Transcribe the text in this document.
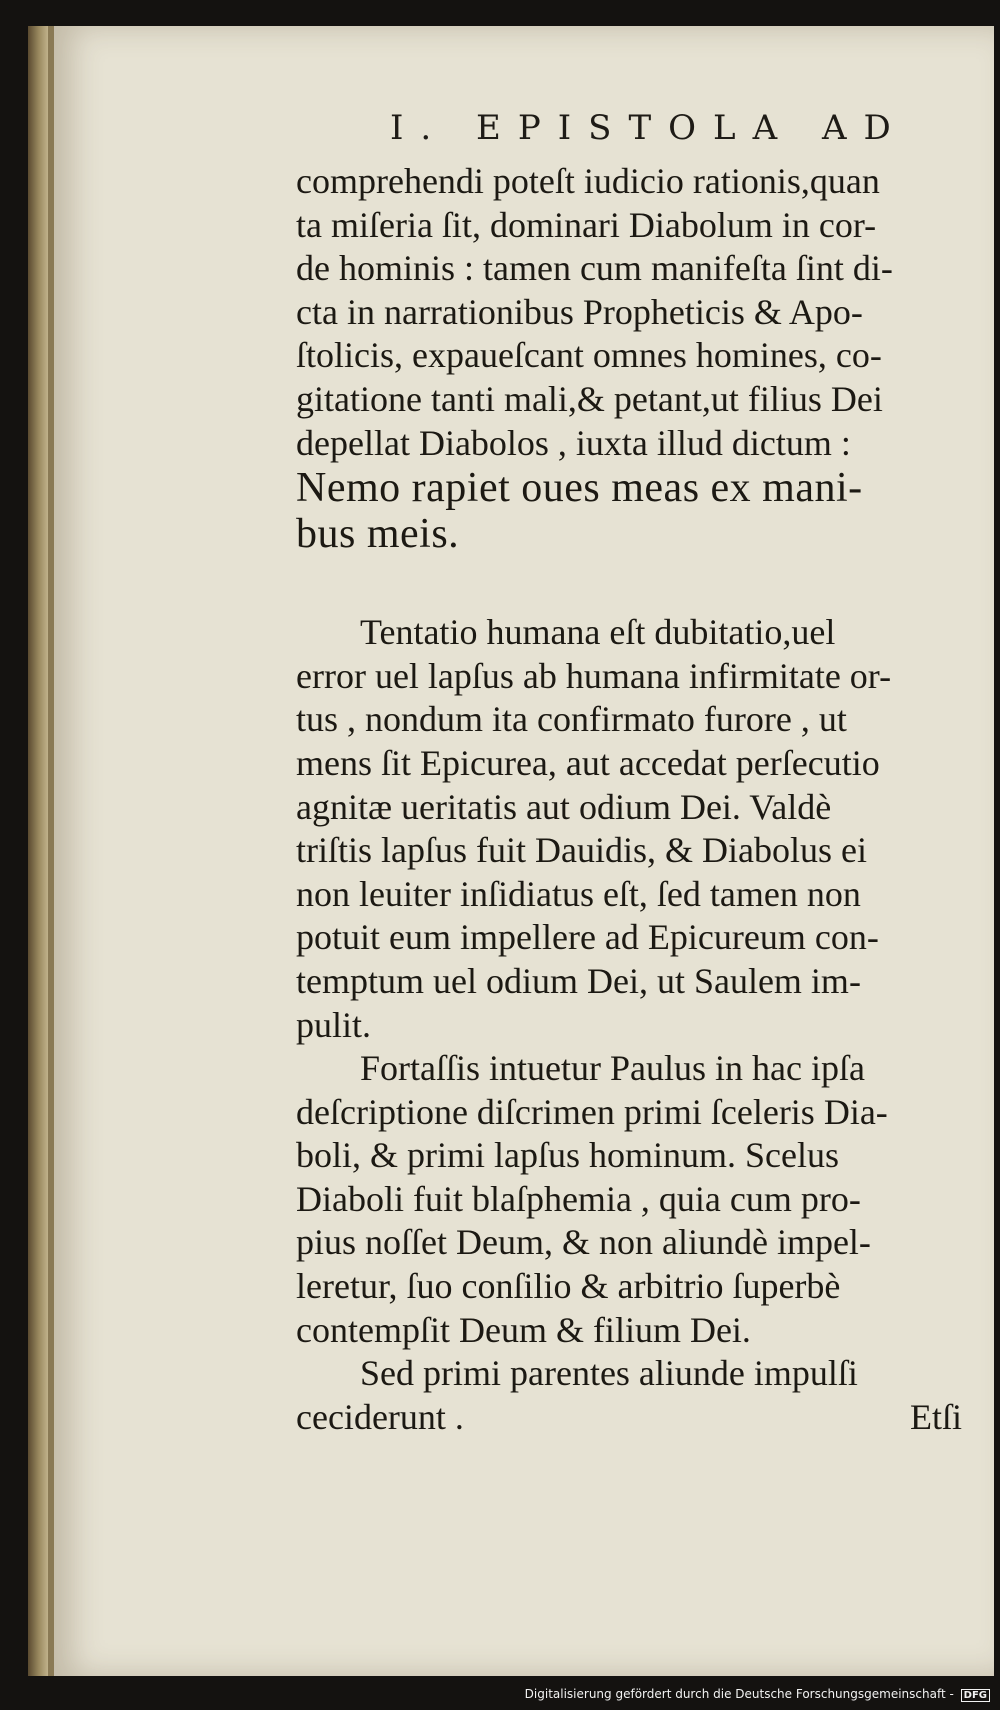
I. EPISTOLA AD
comprehendi poteſt iudicio rationis,quan
ta miſeria ſit, dominari Diabolum in cor-
de hominis : tamen cum manifeſta ſint di-
cta in narrationibus Propheticis & Apo-
ſtolicis, expaueſcant omnes homines, co-
gitatione tanti mali,& petant,ut filius Dei
depellat Diabolos , iuxta illud dictum :
Nemo rapiet oues meas ex mani-
bus meis.
Tentatio humana eſt dubitatio,uel
error uel lapſus ab humana infirmitate or-
tus , nondum ita confirmato furore , ut
mens ſit Epicurea, aut accedat perſecutio
agnitæ ueritatis aut odium Dei. Valdè
triſtis lapſus fuit Dauidis, & Diabolus ei
non leuiter inſidiatus eſt, ſed tamen non
potuit eum impellere ad Epicureum con-
temptum uel odium Dei, ut Saulem im-
pulit.
Fortaſſis intuetur Paulus in hac ipſa
deſcriptione diſcrimen primi ſceleris Dia-
boli, & primi lapſus hominum. Scelus
Diaboli fuit blaſphemia , quia cum pro-
pius noſſet Deum, & non aliundè impel-
leretur, ſuo conſilio & arbitrio ſuperbè
contempſit Deum & filium Dei.
Sed primi parentes aliunde impulſi
ceciderunt .	Etſi
Digitalisierung gefördert durch die Deutsche Forschungsgemeinschaft - DFG
